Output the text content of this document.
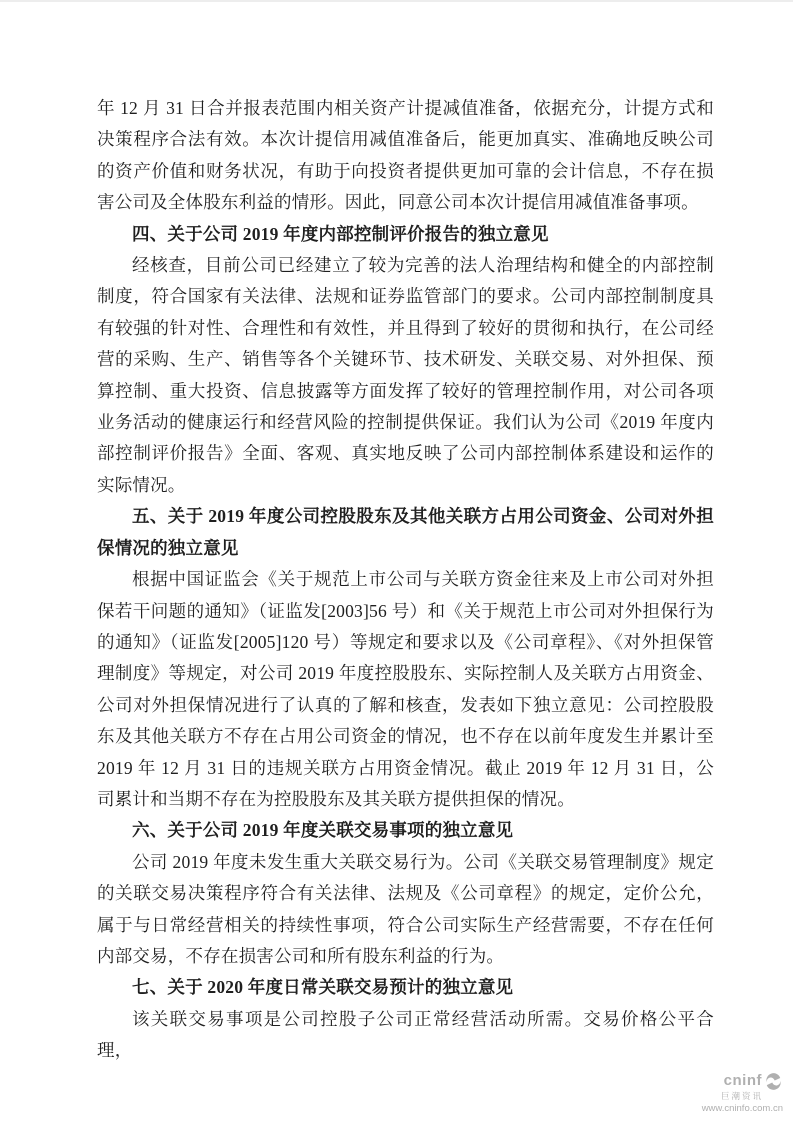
年 12 月 31 日合并报表范围内相关资产计提减值准备，依据充分，计提方式和决策程序合法有效。本次计提信用减值准备后，能更加真实、准确地反映公司的资产价值和财务状况，有助于向投资者提供更加可靠的会计信息，不存在损害公司及全体股东利益的情形。因此，同意公司本次计提信用减值准备事项。

四、关于公司 2019 年度内部控制评价报告的独立意见

经核查，目前公司已经建立了较为完善的法人治理结构和健全的内部控制制度，符合国家有关法律、法规和证券监管部门的要求。公司内部控制制度具有较强的针对性、合理性和有效性，并且得到了较好的贯彻和执行，在公司经营的采购、生产、销售等各个关键环节、技术研发、关联交易、对外担保、预算控制、重大投资、信息披露等方面发挥了较好的管理控制作用，对公司各项业务活动的健康运行和经营风险的控制提供保证。我们认为公司《2019 年度内部控制评价报告》全面、客观、真实地反映了公司内部控制体系建设和运作的实际情况。

五、关于 2019 年度公司控股股东及其他关联方占用公司资金、公司对外担保情况的独立意见

根据中国证监会《关于规范上市公司与关联方资金往来及上市公司对外担保若干问题的通知》（证监发[2003]56 号）和《关于规范上市公司对外担保行为的通知》（证监发[2005]120 号）等规定和要求以及《公司章程》、《对外担保管理制度》等规定，对公司 2019 年度控股股东、实际控制人及关联方占用资金、 公司对外担保情况进行了认真的了解和核查，发表如下独立意见：公司控股股东及其他关联方不存在占用公司资金的情况，也不存在以前年度发生并累计至 2019 年 12 月 31 日的违规关联方占用资金情况。截止 2019 年 12 月 31 日，公司累计和当期不存在为控股股东及其关联方提供担保的情况。

六、关于公司 2019 年度关联交易事项的独立意见

公司 2019 年度未发生重大关联交易行为。公司《关联交易管理制度》规定的关联交易决策程序符合有关法律、法规及《公司章程》的规定，定价公允，属于与日常经营相关的持续性事项，符合公司实际生产经营需要，不存在任何内部交易，不存在损害公司和所有股东利益的行为。

七、关于 2020 年度日常关联交易预计的独立意见

该关联交易事项是公司控股子公司正常经营活动所需。交易价格公平合理，

cninf
巨潮资讯
www.cninfo.com.cn
